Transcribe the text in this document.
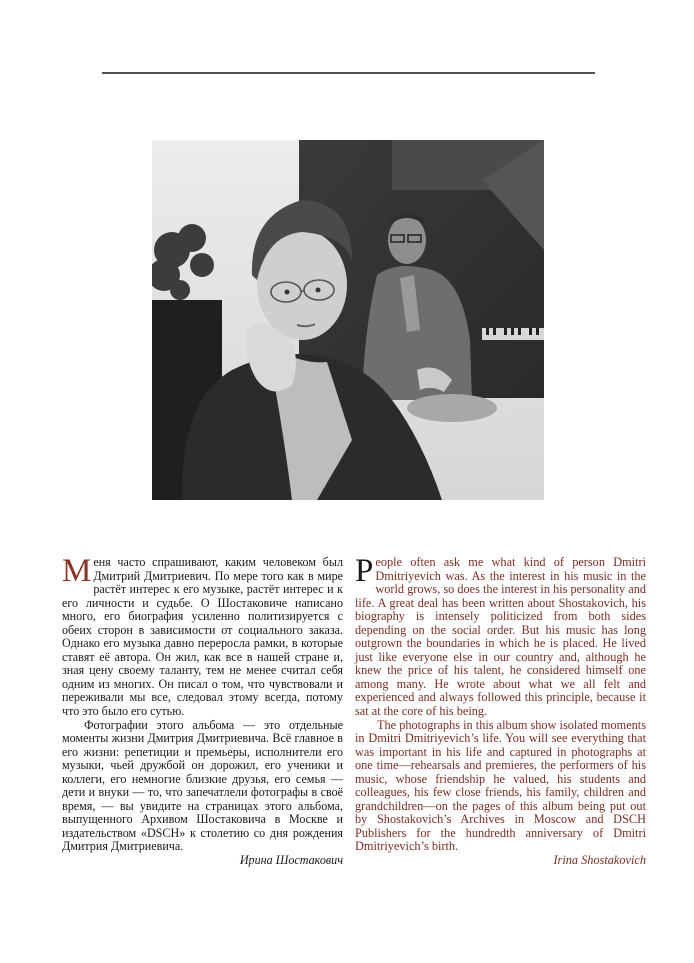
Меня часто спрашивают, каким человеком был Дмитрий Дмитриевич. По мере того как в мире растёт интерес к его музыке, растёт интерес и к его личности и судьбе. О Шостаковиче написано много, его биография усиленно политизируется с обеих сторон в зависимости от социального заказа. Однако его музыка давно переросла рамки, в которые ставят её автора. Он жил, как все в нашей стране и, зная цену своему таланту, тем не менее считал себя одним из многих. Он писал о том, что чувствовали и переживали мы все, следовал этому всегда, потому что это было его сутью.

Фотографии этого альбома — это отдельные моменты жизни Дмитрия Дмитриевича. Всё главное в его жизни: репетиции и премьеры, исполнители его музыки, чьей дружбой он дорожил, его ученики и коллеги, его немногие близкие друзья, его семья — дети и внуки — то, что запечатлели фотографы в своё время, — вы увидите на страницах этого альбома, выпущенного Архивом Шостаковича в Москве и издательством «DSCH» к столетию со дня рождения Дмитрия Дмитриевича.

Ирина Шостакович

People often ask me what kind of person Dmitri Dmitriyevich was. As the interest in his music in the world grows, so does the interest in his personality and life. A great deal has been written about Shostakovich, his biography is intensely politicized from both sides depending on the social order. But his music has long outgrown the boundaries in which he is placed. He lived just like everyone else in our country and, although he knew the price of his talent, he considered himself one among many. He wrote about what we all felt and experienced and always followed this principle, because it sat at the core of his being.

The photographs in this album show isolated moments in Dmitri Dmitriyevich’s life. You will see everything that was important in his life and captured in photographs at one time—rehearsals and premieres, the performers of his music, whose friendship he valued, his students and colleagues, his few close friends, his family, children and grandchildren—on the pages of this album being put out by Shostakovich’s Archives in Moscow and DSCH Publishers for the hundredth anniversary of Dmitri Dmitriyevich’s birth.

Irina Shostakovich
